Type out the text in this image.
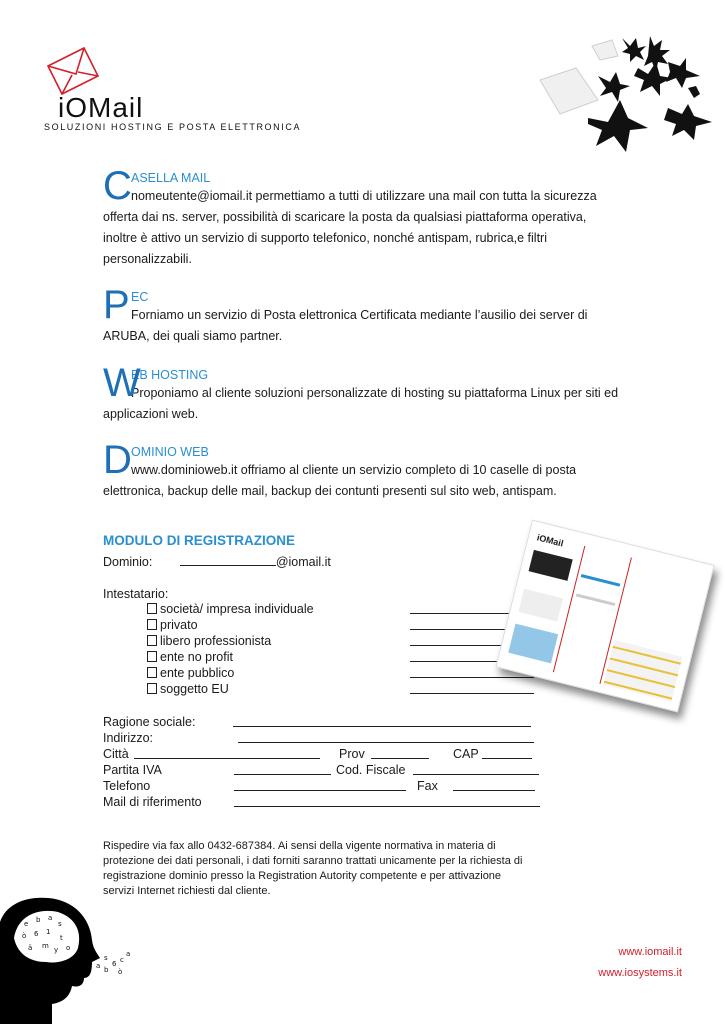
iOMail
SOLUZIONI HOSTING E POSTA ELETTRONICA
C ASELLA MAIL

nomeutente@iomail.it permettiamo a tutti di utilizzare una mail con tutta la sicurezza offerta dai ns. server, possibilità di scaricare la posta da qualsiasi piattaforma operativa, inoltre è attivo un servizio di supporto telefonico, nonché antispam, rubrica,e filtri personalizzabili.

P EC

Forniamo un servizio di Posta elettronica Certificata mediante l’ausilio dei server di ARUBA, dei quali siamo partner.

W
EB HOSTING

Proponiamo al cliente soluzioni personalizzate di hosting su piattaforma Linux per siti ed applicazioni web.

D OMINIO WEB

www.dominioweb.it offriamo al cliente un servizio completo di 10 caselle di posta elettronica, backup delle mail, backup dei contunti presenti sul sito web, antispam.

MODULO DI REGISTRAZIONE
Dominio:	@iomail.it
Intestatario:
società/ impresa individuale
privato
libero professionista
ente no profit
ente pubblico
soggetto EU
Ragione sociale:
Indirizzo:
Città	Prov	CAP
Partita IVA	Cod. Fiscale
Telefono	Fax
Mail di riferimento
iOMail
Rispedire via fax allo 0432-687384. Ai sensi della vigente normativa in materia di protezione dei dati personali, i dati forniti saranno trattati unicamente per la richiesta di registrazione dominio presso la Registration Autority competente e per attivazione servizi Internet richiesti dal cliente.
e b a
s
ò 6 1
t
ä m y o
a b
6 c
s
ò
a	www.iomail.it
www.iosystems.it
